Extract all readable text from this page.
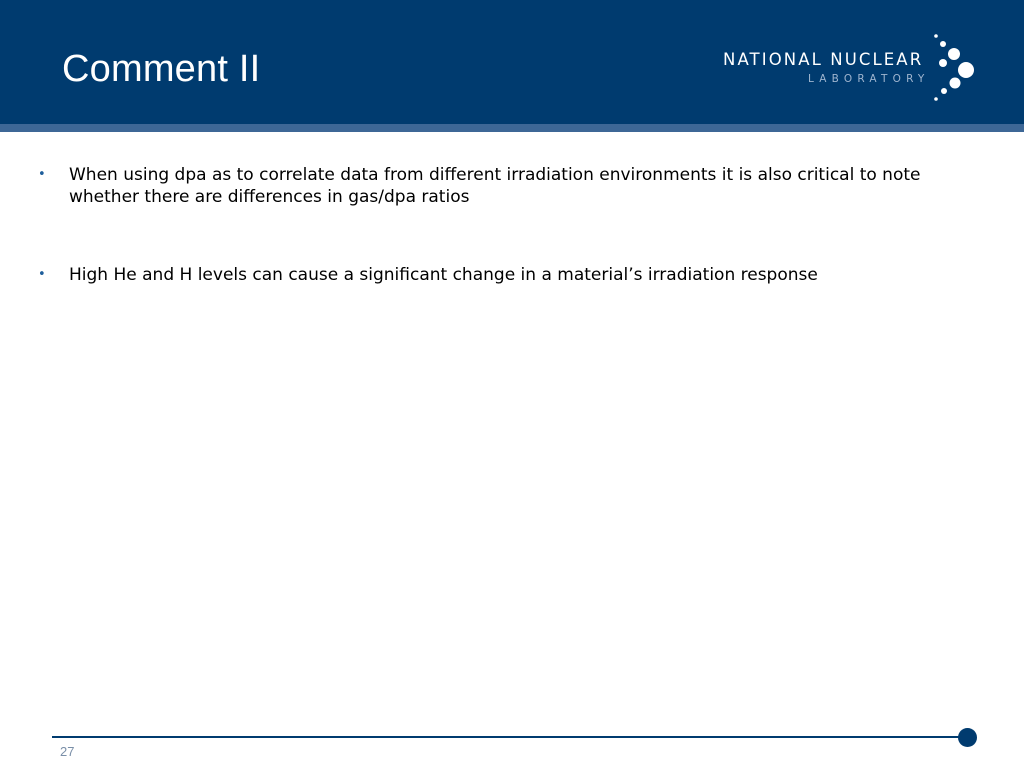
Comment II	NATIONAL NUCLEAR
LABORATORY
• When using dpa as to correlate data from different irradiation environments it is also critical to note whether there are differences in gas/dpa ratios
• High He and H levels can cause a significant change in a material’s irradiation response
27
